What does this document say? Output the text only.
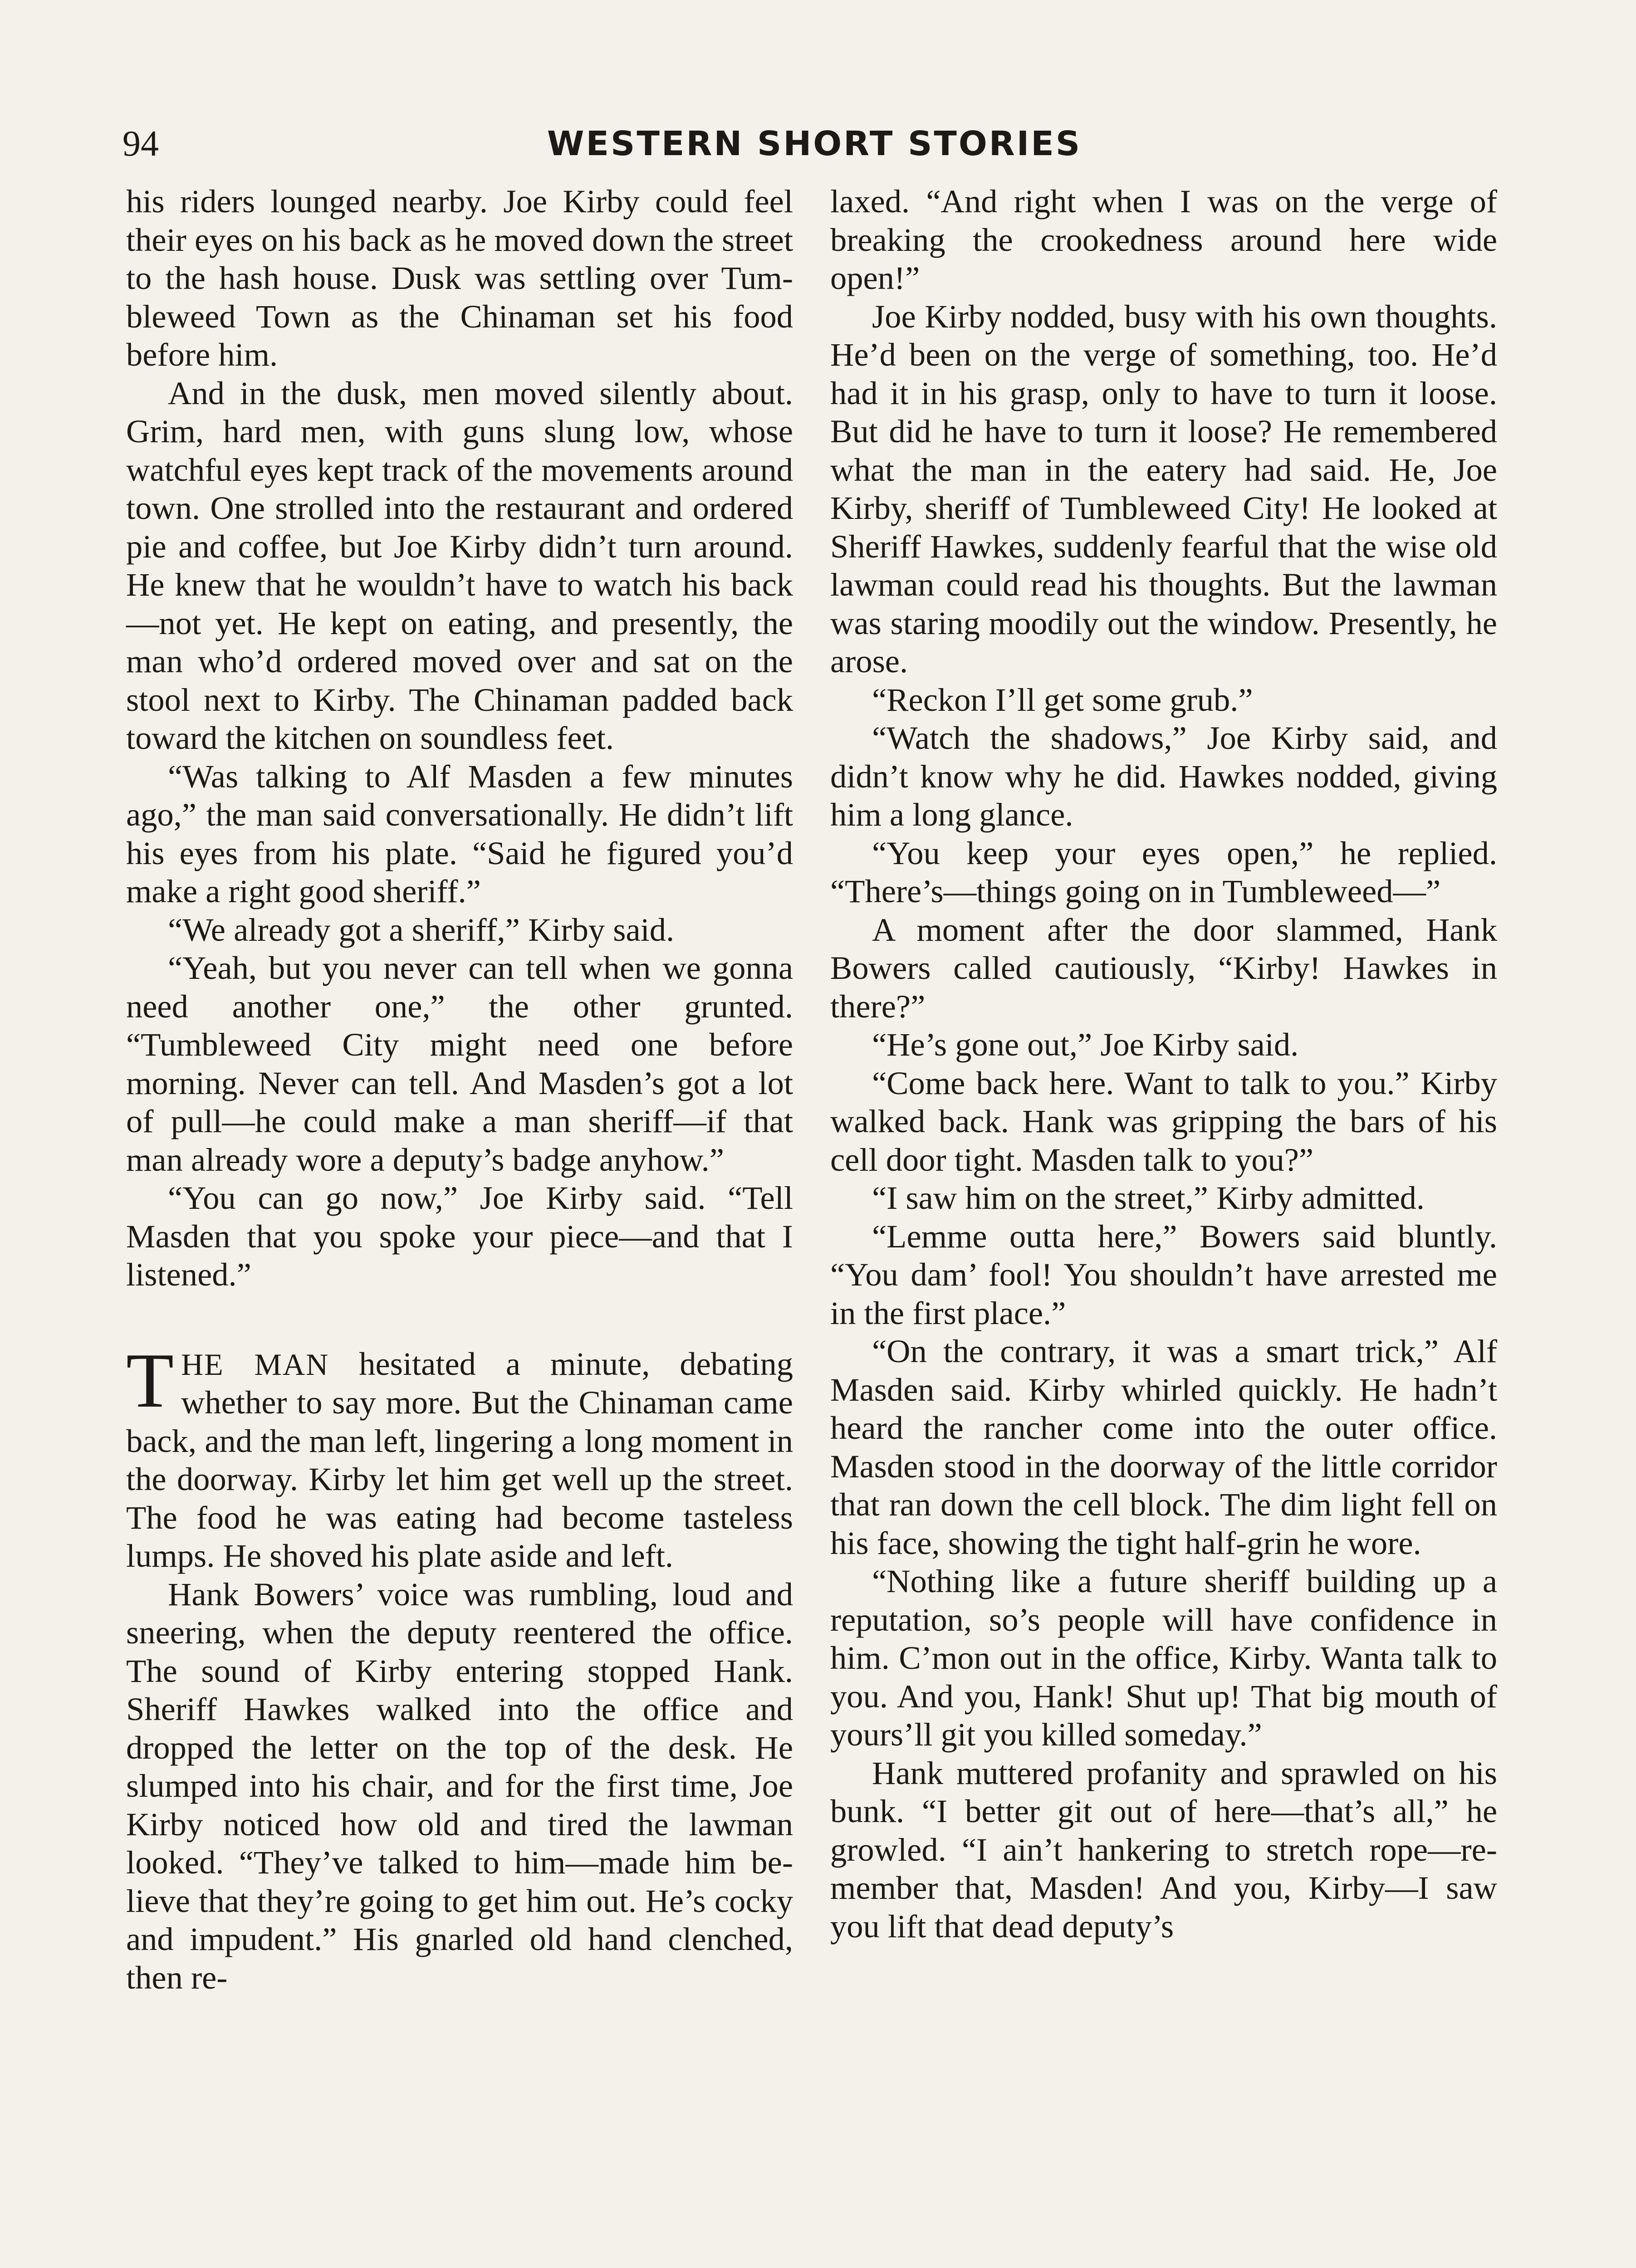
94	WESTERN SHORT STORIES

his riders lounged nearby. Joe Kirby could feel their eyes on his back as he moved down the street to the hash house. Dusk was settling over Tumbleweed Town as the Chinaman set his food before him.

And in the dusk, men moved silently about. Grim, hard men, with guns slung low, whose watchful eyes kept track of the movements around town. One strolled into the restaurant and ordered pie and coffee, but Joe Kirby didn’t turn around. He knew that he wouldn’t have to watch his back—not yet. He kept on eating, and presently, the man who’d ordered moved over and sat on the stool next to Kirby. The Chinaman padded back toward the kitchen on soundless feet.

“Was talking to Alf Masden a few minutes ago,” the man said conversationally. He didn’t lift his eyes from his plate. “Said he figured you’d make a right good sheriff.”

“We already got a sheriff,” Kirby said.

“Yeah, but you never can tell when we gonna need another one,” the other grunted. “Tumbleweed City might need one before morning. Never can tell. And Masden’s got a lot of pull—he could make a man sheriff—if that man already wore a deputy’s badge anyhow.”

“You can go now,” Joe Kirby said. “Tell Masden that you spoke your piece—and that I listened.”

THE MAN hesitated a minute, debating whether to say more. But the Chinaman came back, and the man left, lingering a long moment in the doorway. Kirby let him get well up the street. The food he was eating had become tasteless lumps. He shoved his plate aside and left.

Hank Bowers’ voice was rumbling, loud and sneering, when the deputy reentered the office. The sound of Kirby entering stopped Hank. Sheriff Hawkes walked into the office and dropped the letter on the top of the desk. He slumped into his chair, and for the first time, Joe Kirby noticed how old and tired the lawman looked. “They’ve talked to him—made him believe that they’re going to get him out. He’s cocky and impudent.” His gnarled old hand clenched, then re-

laxed. “And right when I was on the verge of breaking the crookedness around here wide open!”

Joe Kirby nodded, busy with his own thoughts. He’d been on the verge of something, too. He’d had it in his grasp, only to have to turn it loose. But did he have to turn it loose? He remembered what the man in the eatery had said. He, Joe Kirby, sheriff of Tumbleweed City! He looked at Sheriff Hawkes, suddenly fearful that the wise old lawman could read his thoughts. But the lawman was staring moodily out the window. Presently, he arose.

“Reckon I’ll get some grub.”

“Watch the shadows,” Joe Kirby said, and didn’t know why he did. Hawkes nodded, giving him a long glance.

“You keep your eyes open,” he replied. “There’s—things going on in Tumbleweed—”

A moment after the door slammed, Hank Bowers called cautiously, “Kirby! Hawkes in there?”

“He’s gone out,” Joe Kirby said.

“Come back here. Want to talk to you.” Kirby walked back. Hank was gripping the bars of his cell door tight. Masden talk to you?”

“I saw him on the street,” Kirby admitted.

“Lemme outta here,” Bowers said bluntly. “You dam’ fool! You shouldn’t have arrested me in the first place.”

“On the contrary, it was a smart trick,” Alf Masden said. Kirby whirled quickly. He hadn’t heard the rancher come into the outer office. Masden stood in the doorway of the little corridor that ran down the cell block. The dim light fell on his face, showing the tight half-grin he wore.

“Nothing like a future sheriff building up a reputation, so’s people will have confidence in him. C’mon out in the office, Kirby. Wanta talk to you. And you, Hank! Shut up! That big mouth of yours’ll git you killed someday.”

Hank muttered profanity and sprawled on his bunk. “I better git out of here—that’s all,” he growled. “I ain’t hankering to stretch rope—remember that, Masden! And you, Kirby—I saw you lift that dead deputy’s
